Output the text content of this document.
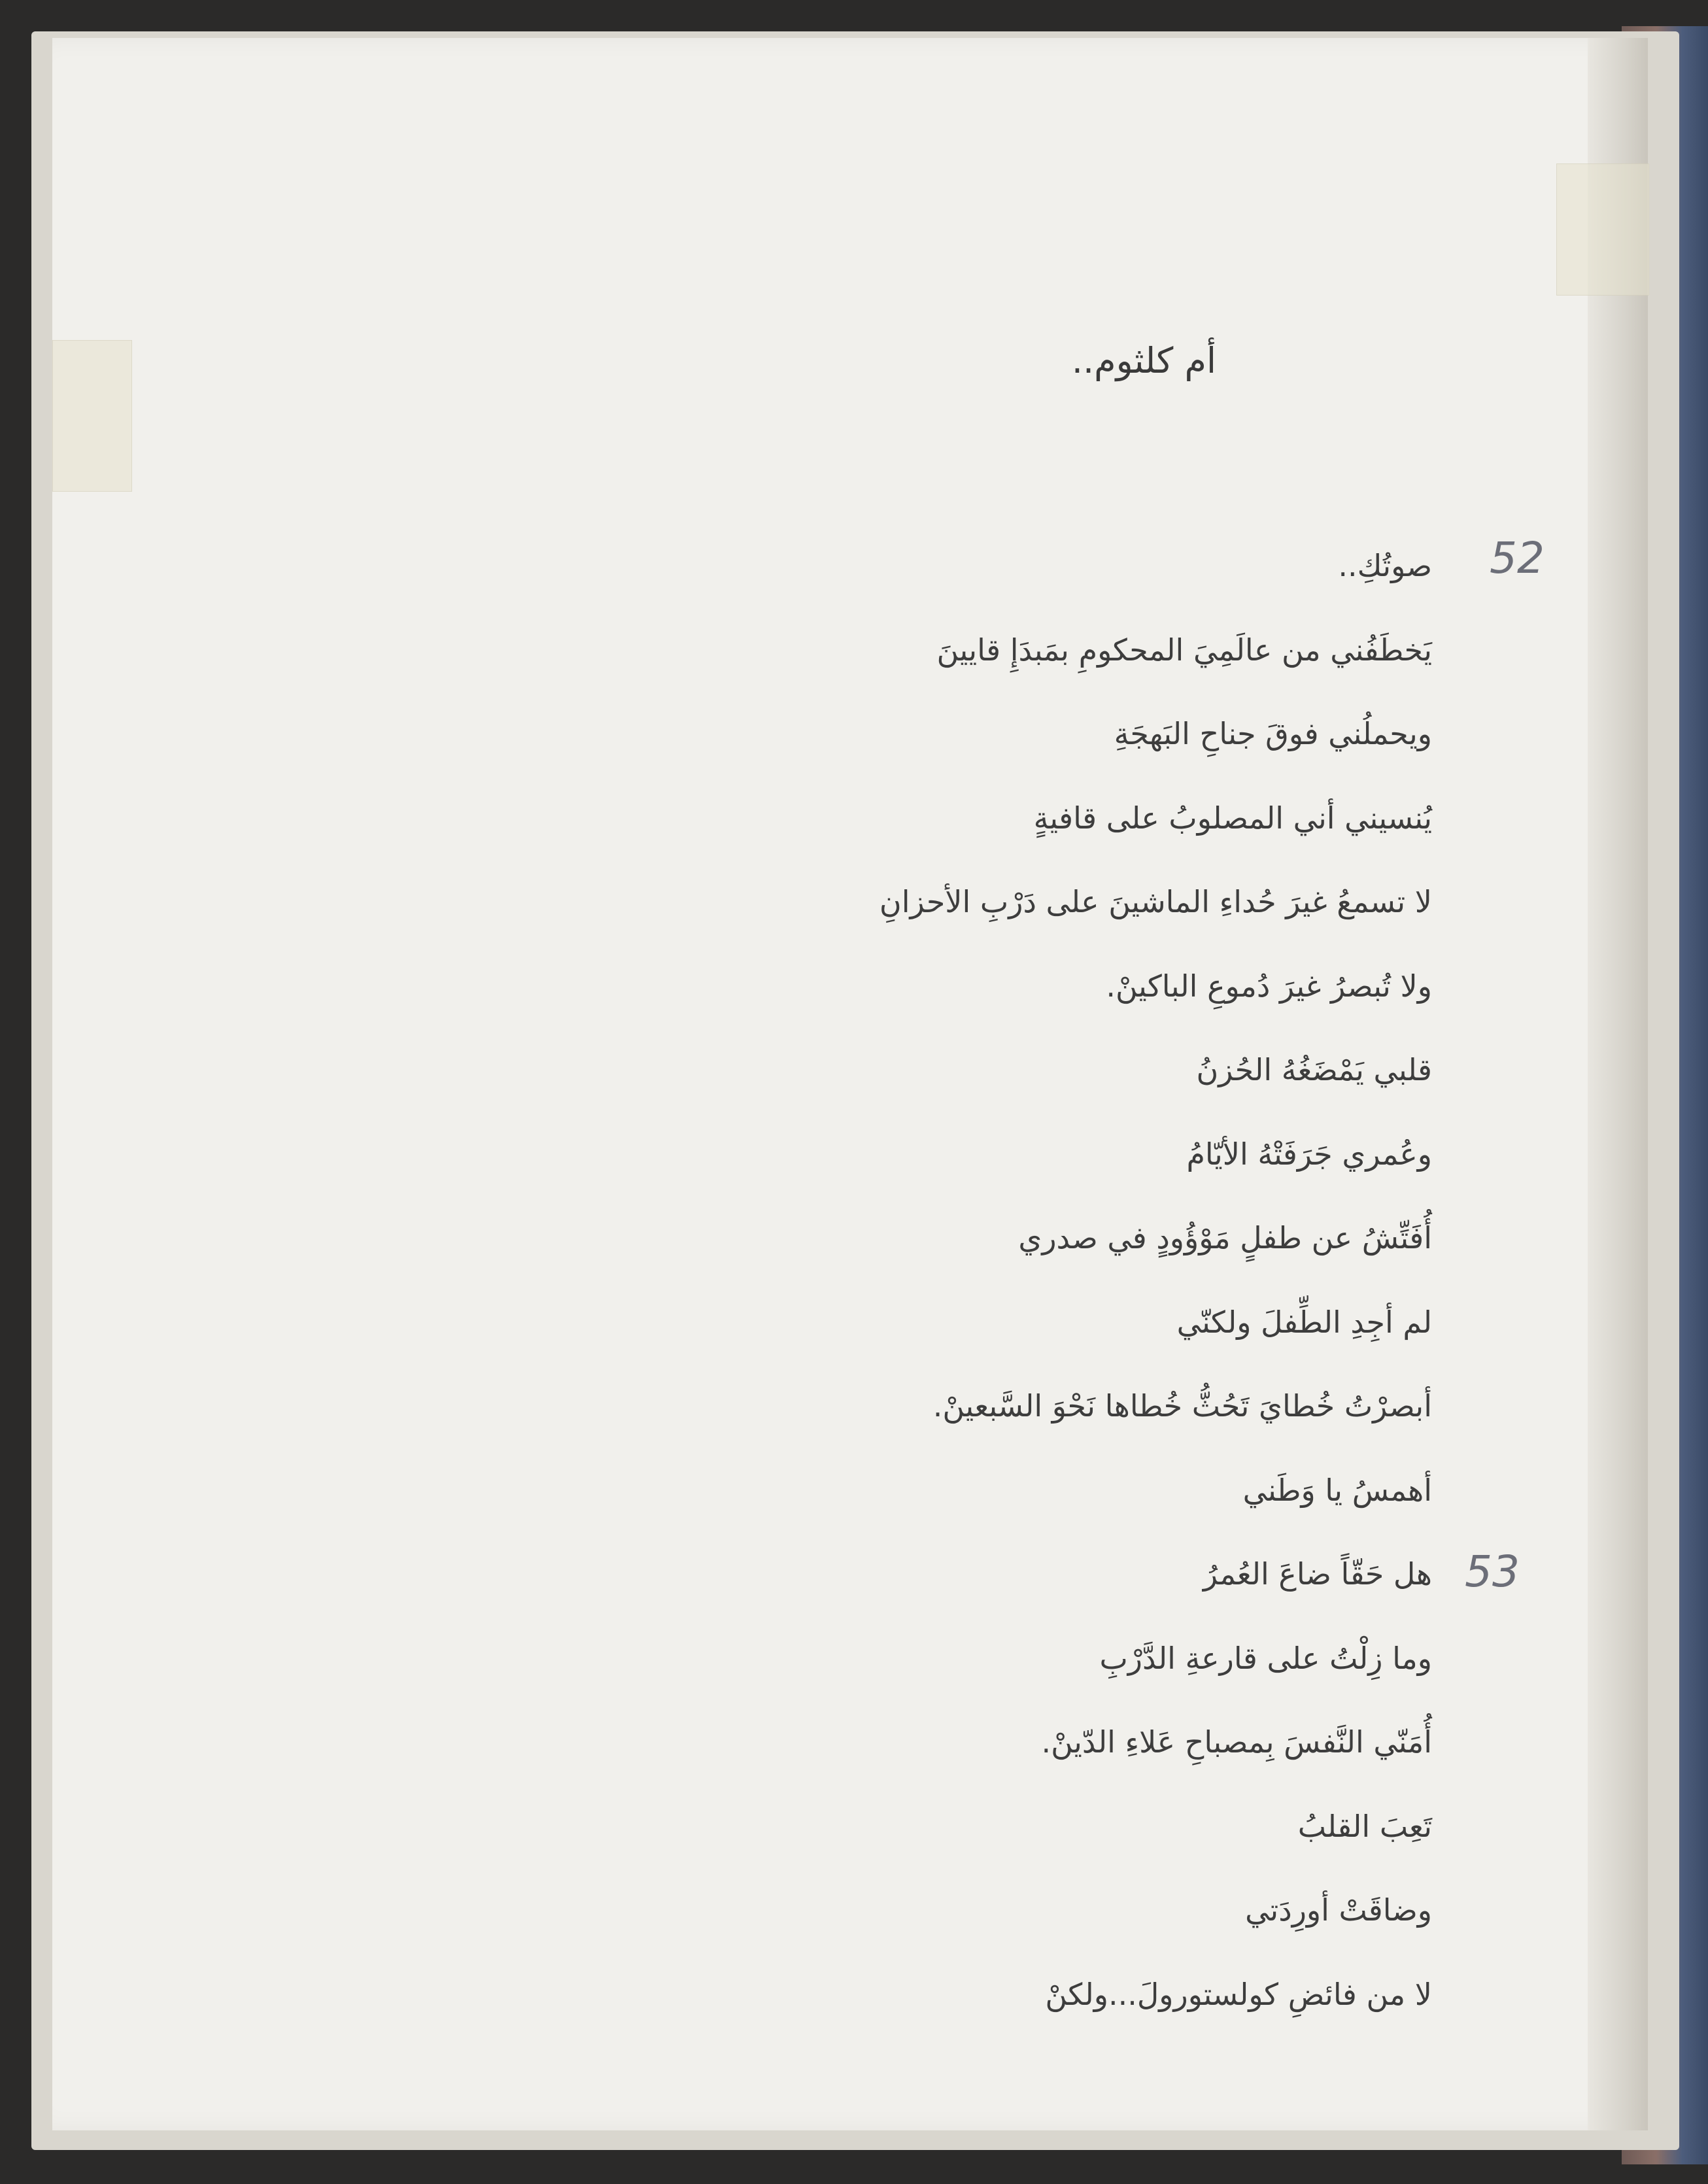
أم كلثوم..
52
53
صوتُكِ..
يَخطَفُني من عالَمِيَ المحكومِ بمَبدَإِ قايينَ
ويحملُني فوقَ جناحِ البَهجَةِ
يُنسيني أني المصلوبُ على قافيةٍ
لا تسمعُ غيرَ حُداءِ الماشينَ على دَرْبِ الأحزانِ
ولا تُبصرُ غيرَ دُموعِ الباكينْ.
قلبي يَمْضَغُهُ الحُزنُ
وعُمري جَرَفَتْهُ الأيّامُ
أُفَتِّشُ عن طفلٍ مَوْؤُودٍ في صدري
لم أجِدِ الطِّفلَ ولكنّي
أبصرْتُ خُطايَ تَحُثُّ خُطاها نَحْوَ السَّبعينْ.
أهمسُ يا وَطَني
هل حَقّاً ضاعَ العُمرُ
وما زِلْتُ على قارعةِ الدَّرْبِ
أُمَنّي النَّفسَ بِمصباحِ عَلاءِ الدّينْ.
تَعِبَ القلبُ
وضاقَتْ أورِدَتي
لا من فائضِ كولستورولَ...ولكنْ
